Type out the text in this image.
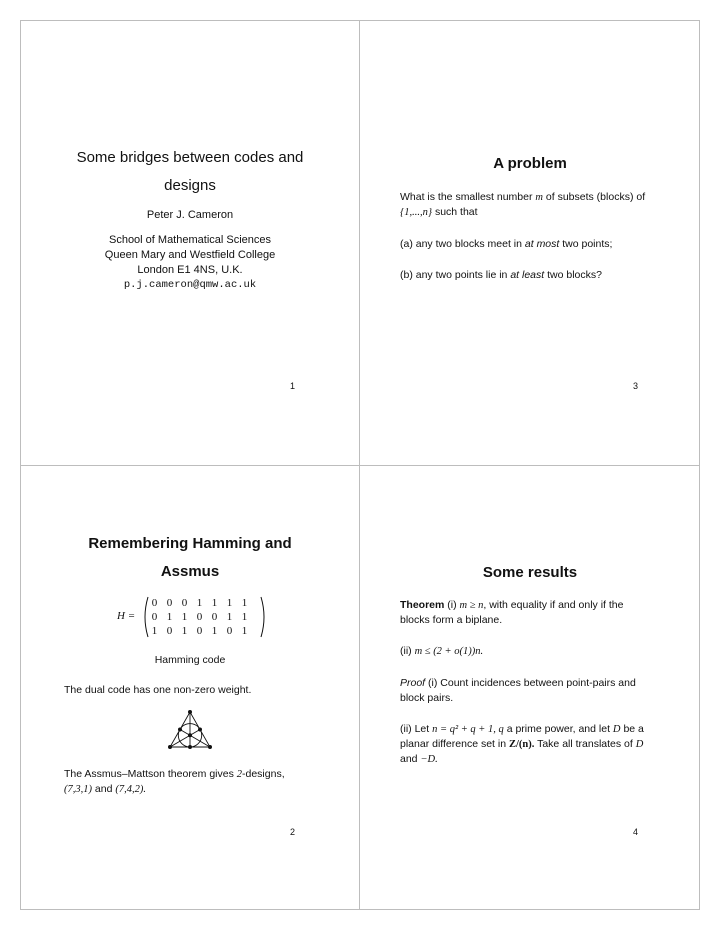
Some bridges between codes and
designs
Peter J. Cameron
School of Mathematical Sciences
Queen Mary and Westfield College
London E1 4NS, U.K.
p.j.cameron@qmw.ac.uk
1
A problem
What is the smallest number m of subsets (blocks) of
{1,...,n} such that
(a) any two blocks meet in at most two points;
(b) any two points lie in at least two blocks?
3
Remembering Hamming and
Assmus
H =
0 0 0 1 1 1 1
0 1 1 0 0 1 1
1 0 1 0 1 0 1
Hamming code
The dual code has one non-zero weight.
The Assmus–Mattson theorem gives 2-designs,
(7,3,1) and (7,4,2).
2
Some results
Theorem (i) m ≥ n, with equality if and only if the
blocks form a biplane.
(ii) m ≤ (2 + o(1))n.
Proof (i) Count incidences between point-pairs and
block pairs.
(ii) Let n = q² + q + 1, q a prime power, and let D be a
planar difference set in Z/(n). Take all translates of D
and −D.
4
